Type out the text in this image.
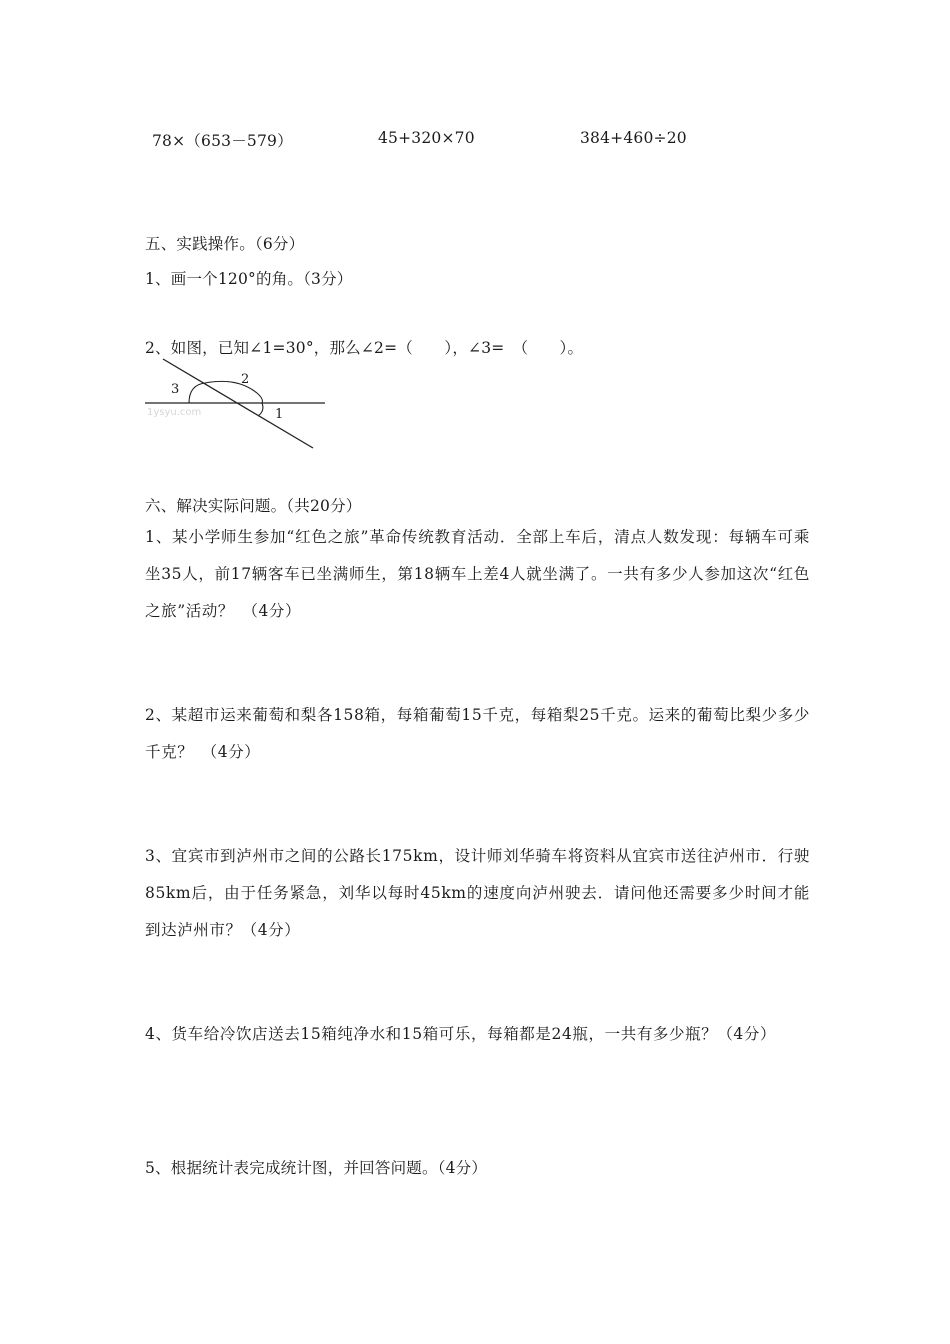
78×（653－579）	45+320×70	384+460÷20
五、实践操作。（6分）
1、画一个120°的角。（3分）
2、如图，已知∠1=30°，那么∠2=（　　），∠3=　（　　）。
3
2
1
1ysyu.com
六、解决实际问题。（共20分）
1、某小学师生参加“红色之旅”革命传统教育活动．全部上车后，清点人数发现：每辆车可乘坐35人，前17辆客车已坐满师生，第18辆车上差4人就坐满了。一共有多少人参加这次“红色之旅”活动？　（4分）
2、某超市运来葡萄和梨各158箱，每箱葡萄15千克，每箱梨25千克。运来的葡萄比梨少多少千克？　（4分）
3、宜宾市到泸州市之间的公路长175km，设计师刘华骑车将资料从宜宾市送往泸州市．行驶85km后，由于任务紧急，刘华以每时45km的速度向泸州驶去．请问他还需要多少时间才能到达泸州市？（4分）
4、货车给冷饮店送去15箱纯净水和15箱可乐，每箱都是24瓶，一共有多少瓶？（4分）
5、根据统计表完成统计图，并回答问题。（4分）
